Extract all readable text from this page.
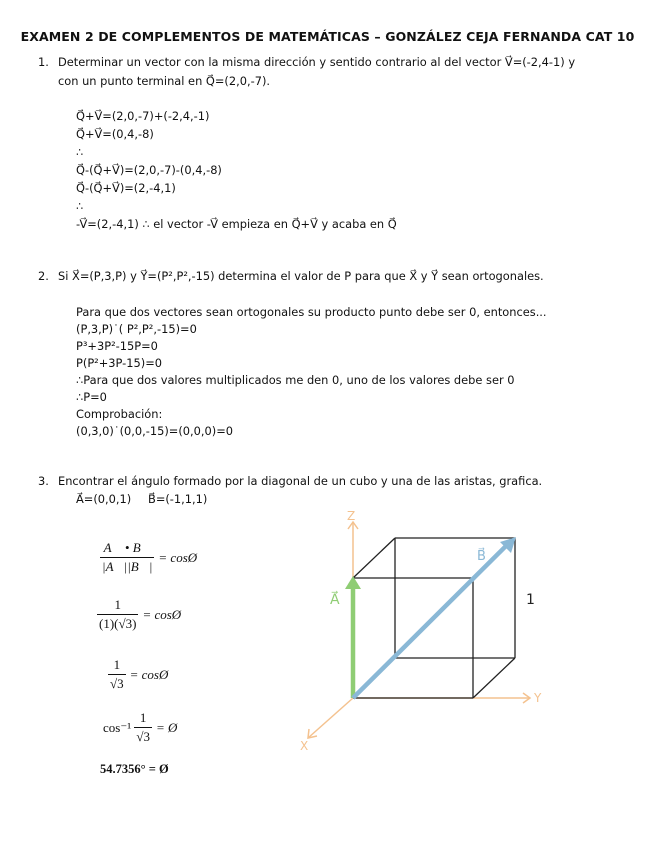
EXAMEN 2 DE COMPLEMENTOS DE MATEMÁTICAS – GONZÁLEZ CEJA FERNANDA CAT 10
1. Determinar un vector con la misma dirección y sentido contrario al del vector V⃗=(-2,4-1) y
con un punto terminal en Q⃗=(2,0,-7).
Q⃗+V⃗=(2,0,-7)+(-2,4,-1)
Q⃗+V⃗=(0,4,-8)
∴
Q⃗-(Q⃗+V⃗)=(2,0,-7)-(0,4,-8)
Q⃗-(Q⃗+V⃗)=(2,-4,1)
∴
-V⃗=(2,-4,1) ∴ el vector -V⃗ empieza en Q⃗+V⃗ y acaba en Q⃗
2. Si X⃗=(P,3,P) y Y⃗=(P²,P²,-15) determina el valor de P para que X⃗ y Y⃗ sean ortogonales.
Para que dos vectores sean ortogonales su producto punto debe ser 0, entonces...
(P,3,P)˙( P²,P²,-15)=0
P³+3P²-15P=0
P(P²+3P-15)=0
∴Para que dos valores multiplicados me den 0, uno de los valores debe ser 0
∴P=0
Comprobación:
(0,3,0)˙(0,0,-15)=(0,0,0)=0
3. Encontrar el ángulo formado por la diagonal de un cubo y una de las aristas, grafica.
A⃗=(0,0,1) B⃗=(-1,1,1)
$\frac{A⃗ • B⃗}{|A⃗||B⃗|}$ = cosØ
$\frac{1}{(1)(√3)}$ = cosØ
$\frac{1}{√3}$ = cosØ
$\cos^{-1} \frac{1}{√3}$ = Ø
54.7356° = Ø
Z
Y
X
A⃗
B⃗
1
